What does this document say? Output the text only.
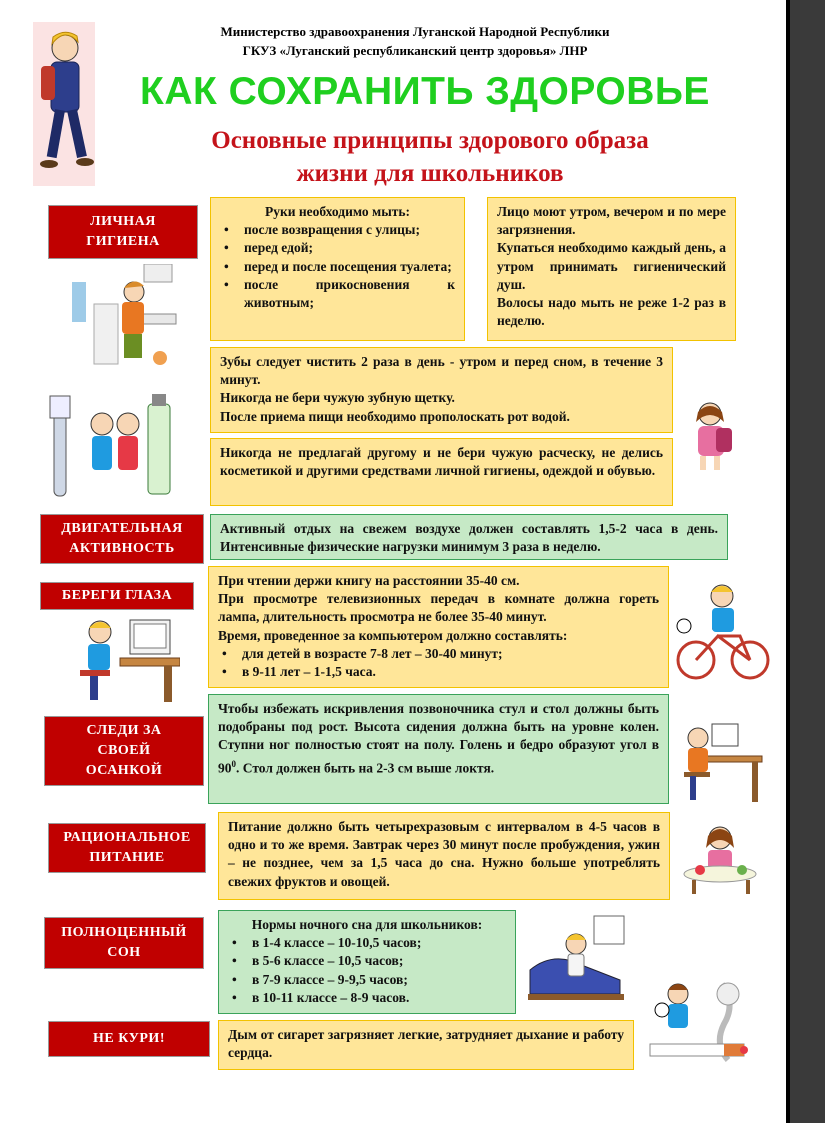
Министерство здравоохранения Луганской Народной Республики
ГКУЗ «Луганский республиканский центр здоровья» ЛНР
КАК СОХРАНИТЬ ЗДОРОВЬЕ
Основные принципы здорового образа
жизни для школьников
ЛИЧНАЯ
ГИГИЕНА
Руки необходимо мыть:
• после возвращения с улицы;
• перед едой;
• перед и после посещения туалета;
• после прикосновения к животным;

Лицо моют утром, вечером и по мере загрязнения.

Купаться необходимо каждый день, а утром принимать гигиенический душ.

Волосы надо мыть не реже 1-2 раз в неделю.

Зубы следует чистить 2 раза в день - утром и перед сном, в течение 3 минут.

Никогда не бери чужую зубную щетку.

После приема пищи необходимо прополоскать рот водой.

Никогда не предлагай другому и не бери чужую расческу, не делись косметикой и другими средствами личной гигиены, одеждой и обувью.

ДВИГАТЕЛЬНАЯ
АКТИВНОСТЬ

Активный отдых на свежем воздухе должен составлять 1,5-2 часа в день. Интенсивные физические нагрузки минимум 3 раза в неделю.

БЕРЕГИ ГЛАЗА

При чтении держи книгу на расстоянии 35-40 см.

При просмотре телевизионных передач в комнате должна гореть лампа, длительность просмотра не более 35-40 минут.

Время, проведенное за компьютером должно составлять:

• для детей в возрасте 7-8 лет – 30-40 минут;
• в 9-11 лет – 1-1,5 часа.
СЛЕДИ ЗА
СВОЕЙ
ОСАНКОЙ

Чтобы избежать искривления позвоночника стул и стол должны быть подобраны под рост. Высота сидения должна быть на уровне колен. Ступни ног полностью стоят на полу. Голень и бедро образуют угол в $90^0$. Стол должен быть на 2-3 см выше локтя.

РАЦИОНАЛЬНОЕ
ПИТАНИЕ

Питание должно быть четырехразовым с интервалом в 4-5 часов в одно и то же время. Завтрак через 30 минут после пробуждения, ужин – не позднее, чем за 1,5 часа до сна. Нужно больше употреблять свежих фруктов и овощей.

ПОЛНОЦЕННЫЙ
СОН
Нормы ночного сна для школьников:
• в 1-4 классе – 10-10,5 часов;
• в 5-6 классе – 10,5 часов;
• в 7-9 классе – 9-9,5 часов;
• в 10-11 классе – 8-9 часов.
НЕ КУРИ!	Дым от сигарет загрязняет легкие, затрудняет дыхание и работу сердца.
